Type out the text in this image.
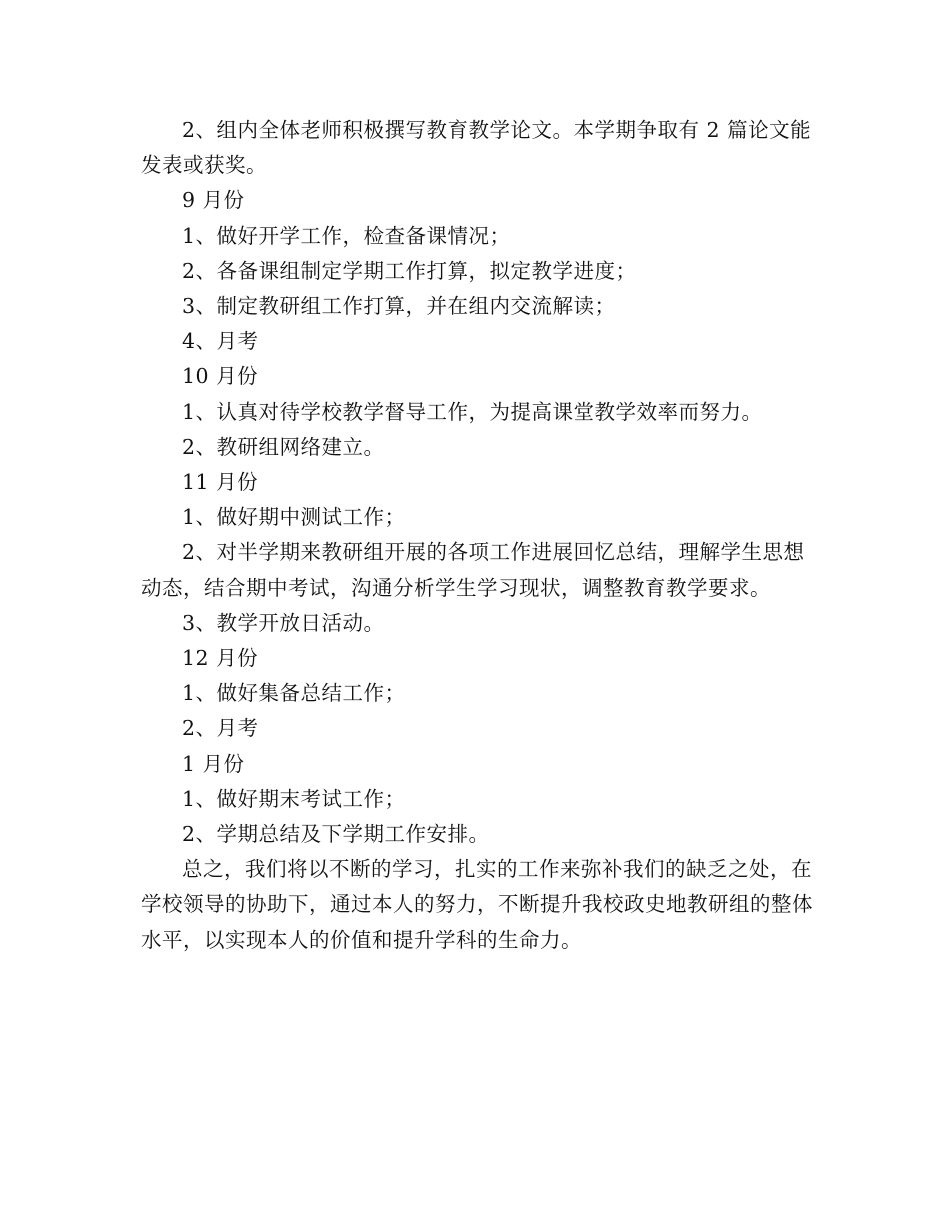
2、组内全体老师积极撰写教育教学论文。本学期争取有 2 篇论文能发表或获奖。

9 月份

1、做好开学工作，检查备课情况；

2、各备课组制定学期工作打算，拟定教学进度；

3、制定教研组工作打算，并在组内交流解读；

4、月考

10 月份

1、认真对待学校教学督导工作，为提高课堂教学效率而努力。

2、教研组网络建立。

11 月份

1、做好期中测试工作；

2、对半学期来教研组开展的各项工作进展回忆总结，理解学生思想动态，结合期中考试，沟通分析学生学习现状，调整教育教学要求。

3、教学开放日活动。

12 月份

1、做好集备总结工作；

2、月考

1 月份

1、做好期末考试工作；

2、学期总结及下学期工作安排。

总之，我们将以不断的学习，扎实的工作来弥补我们的缺乏之处，在学校领导的协助下，通过本人的努力，不断提升我校政史地教研组的整体水平，以实现本人的价值和提升学科的生命力。
